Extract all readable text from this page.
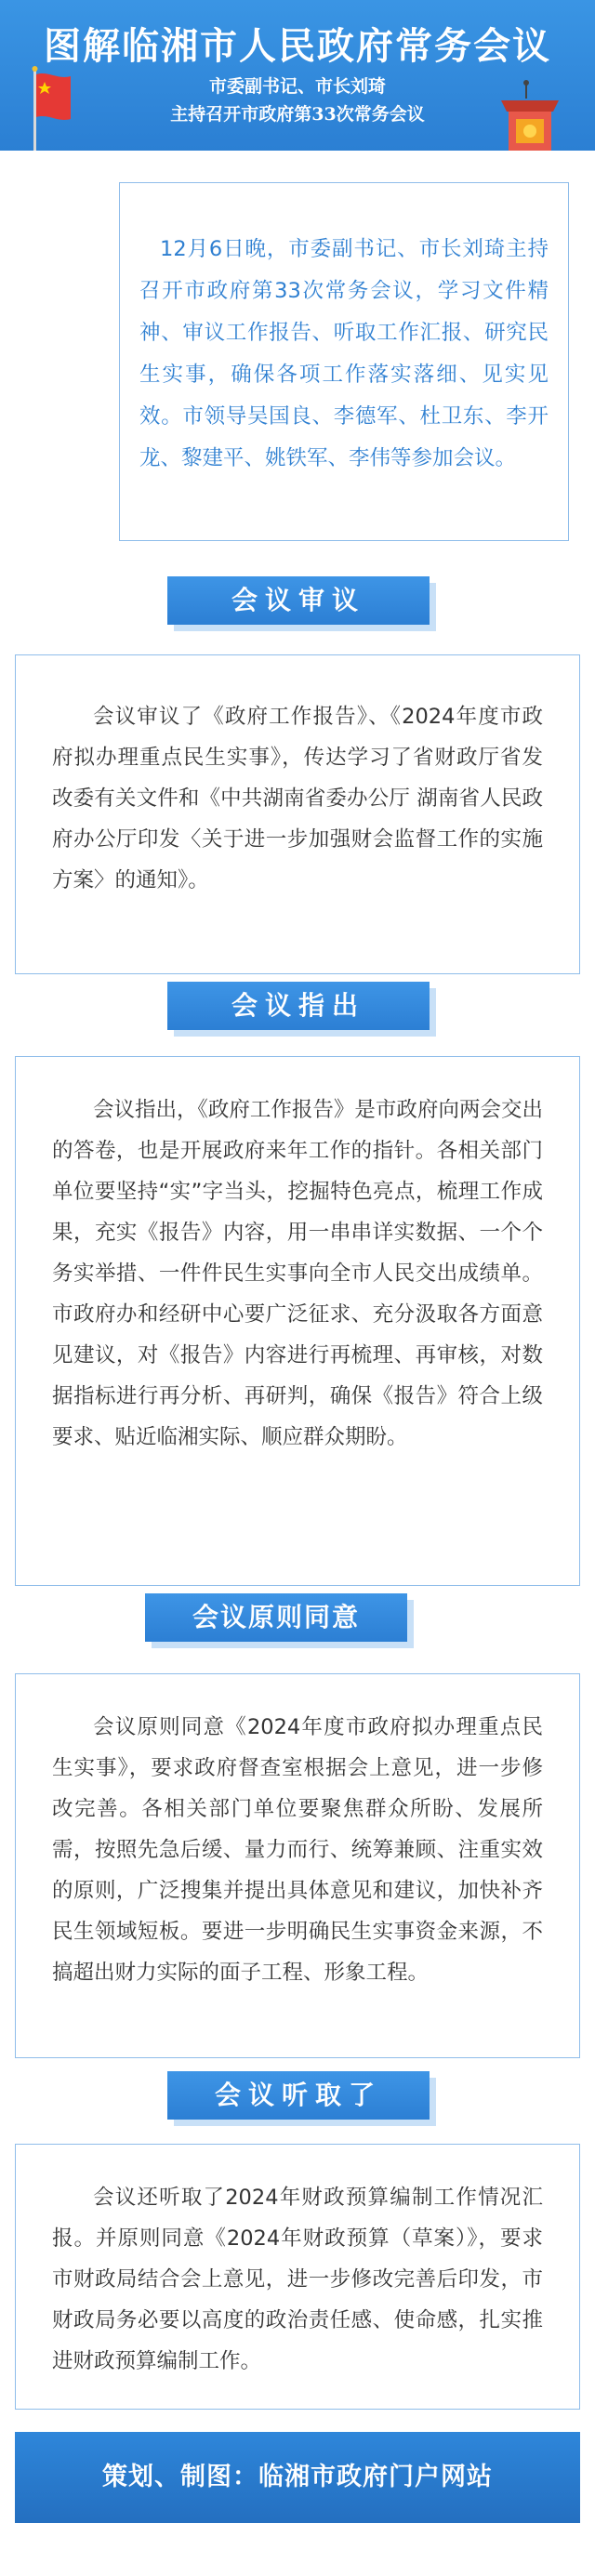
图解临湘市人民政府常务会议
市委副书记、市长刘琦
主持召开市政府第33次常务会议
12月6日晚，市委副书记、市长刘琦主持召开市政府第33次常务会议，学习文件精神、审议工作报告、听取工作汇报、研究民生实事，确保各项工作落实落细、见实见效。市领导吴国良、李德军、杜卫东、李开龙、黎建平、姚铁军、李伟等参加会议。
会议审议
会议审议了《政府工作报告》、《2024年度市政府拟办理重点民生实事》，传达学习了省财政厅省发改委有关文件和《中共湖南省委办公厅 湖南省人民政府办公厅印发〈关于进一步加强财会监督工作的实施方案〉的通知》。
会议指出
会议指出，《政府工作报告》是市政府向两会交出的答卷，也是开展政府来年工作的指针。各相关部门单位要坚持“实”字当头，挖掘特色亮点，梳理工作成果，充实《报告》内容，用一串串详实数据、一个个务实举措、一件件民生实事向全市人民交出成绩单。市政府办和经研中心要广泛征求、充分汲取各方面意见建议，对《报告》内容进行再梳理、再审核，对数据指标进行再分析、再研判，确保《报告》符合上级要求、贴近临湘实际、顺应群众期盼。
会议原则同意
会议原则同意《2024年度市政府拟办理重点民生实事》，要求政府督查室根据会上意见，进一步修改完善。各相关部门单位要聚焦群众所盼、发展所需，按照先急后缓、量力而行、统筹兼顾、注重实效的原则，广泛搜集并提出具体意见和建议，加快补齐民生领域短板。要进一步明确民生实事资金来源，不搞超出财力实际的面子工程、形象工程。
会议听取了
会议还听取了2024年财政预算编制工作情况汇报。并原则同意《2024年财政预算（草案）》，要求市财政局结合会上意见，进一步修改完善后印发，市财政局务必要以高度的政治责任感、使命感，扎实推进财政预算编制工作。
策划、制图：临湘市政府门户网站
